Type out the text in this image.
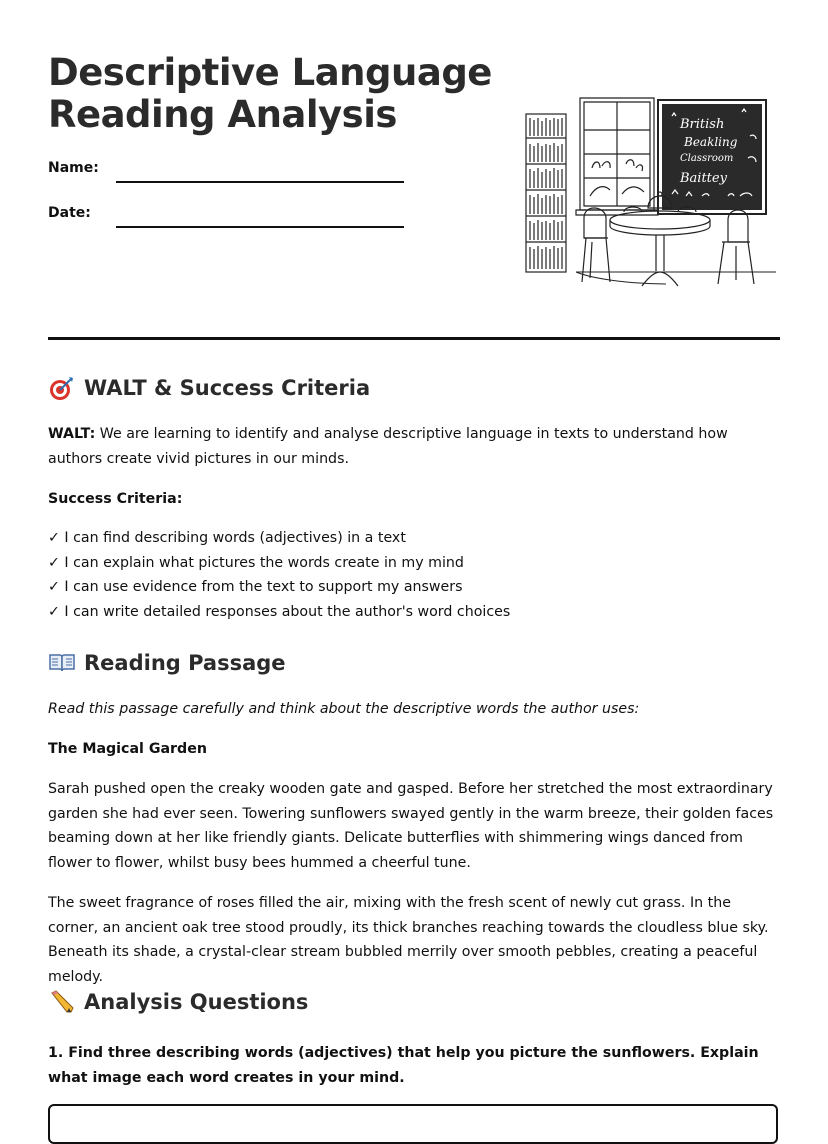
Descriptive Language
Reading Analysis
Name:
Date:
British
Beakling
Classroom
Baittey
WALT & Success Criteria
WALT: We are learning to identify and analyse descriptive language in texts to understand how authors create vivid pictures in our minds.
Success Criteria:
✓ I can find describing words (adjectives) in a text
✓ I can explain what pictures the words create in my mind
✓ I can use evidence from the text to support my answers
✓ I can write detailed responses about the author's word choices
Reading Passage
Read this passage carefully and think about the descriptive words the author uses:
The Magical Garden
Sarah pushed open the creaky wooden gate and gasped. Before her stretched the most extraordinary garden she had ever seen. Towering sunflowers swayed gently in the warm breeze, their golden faces beaming down at her like friendly giants. Delicate butterflies with shimmering wings danced from flower to flower, whilst busy bees hummed a cheerful tune.
The sweet fragrance of roses filled the air, mixing with the fresh scent of newly cut grass. In the corner, an ancient oak tree stood proudly, its thick branches reaching towards the cloudless blue sky. Beneath its shade, a crystal-clear stream bubbled merrily over smooth pebbles, creating a peaceful melody.
Analysis Questions
1. Find three describing words (adjectives) that help you picture the sunflowers. Explain what image each word creates in your mind.
